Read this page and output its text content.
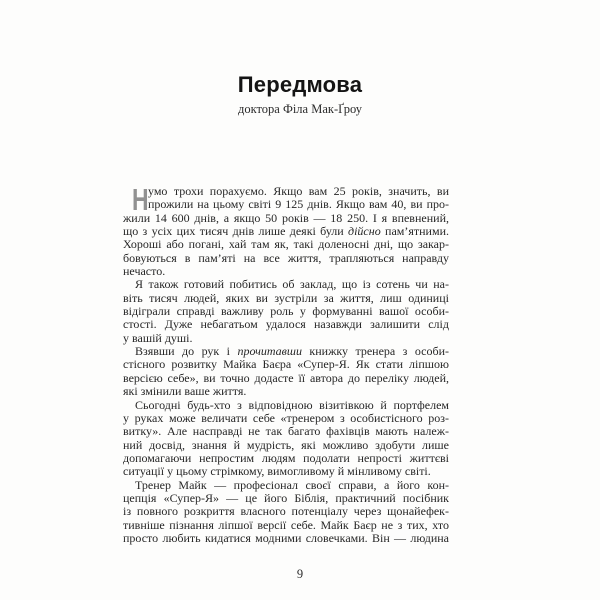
Передмова
доктора Філа Мак-Ґроу
Н умо трохи порахуємо. Якщо вам 25 років, значить, ви
прожили на цьому світі 9 125 днів. Якщо вам 40, ви про-
жили 14 600 днів, а якщо 50 років — 18 250. І я впевнений,
що з усіх цих тисяч днів лише деякі були дійсно пам’ятними.
Хороші або погані, хай там як, такі доленосні дні, що закар-
бовуються в пам’яті на все життя, трапляються направду
нечасто.
Я також готовий побитись об заклад, що із сотень чи на-
віть тисяч людей, яких ви зустріли за життя, лиш одиниці
відіграли справді важливу роль у формуванні вашої особи-
стості. Дуже небагатьом удалося назавжди залишити слід
у вашій душі.
Взявши до рук і прочитавши книжку тренера з особи-
стісного розвитку Майка Баєра «Супер-Я. Як стати ліпшою
версією себе», ви точно додасте її автора до переліку людей,
які змінили ваше життя.
Сьогодні будь-хто з відповідною візитівкою й портфелем
у руках може величати себе «тренером з особистісного роз-
витку». Але насправді не так багато фахівців мають належ-
ний досвід, знання й мудрість, які можливо здобути лише
допомагаючи непростим людям подолати непрості життєві
ситуації у цьому стрімкому, вимогливому й мінливому світі.
Тренер Майк — професіонал своєї справи, а його кон-
цепція «Супер-Я» — це його Біблія, практичний посібник
із повного розкриття власного потенціалу через щонайефек-
тивніше пізнання ліпшої версії себе. Майк Баєр не з тих, хто
просто любить кидатися модними словечками. Він — людина
9
